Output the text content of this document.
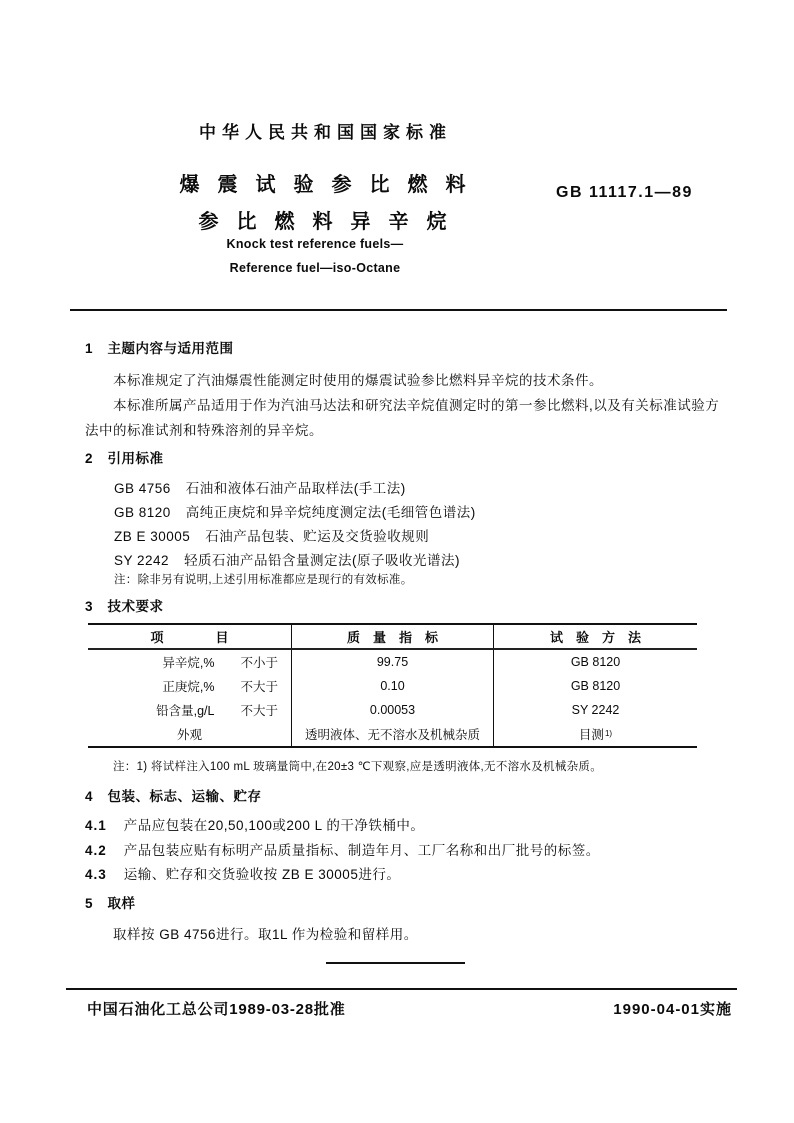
中华人民共和国国家标准
爆震试验参比燃料
参比燃料异辛烷
GB 11117.1—89
Knock test reference fuels—
Reference fuel—iso-Octane
1 主题内容与适用范围
本标准规定了汽油爆震性能测定时使用的爆震试验参比燃料异辛烷的技术条件。
本标准所属产品适用于作为汽油马达法和研究法辛烷值测定时的第一参比燃料,以及有关标准试验方法中的标准试剂和特殊溶剂的异辛烷。
2 引用标准
GB 4756 石油和液体石油产品取样法(手工法)
GB 8120 高纯正庚烷和异辛烷纯度测定法(毛细管色谱法)
ZB E 30005 石油产品包装、贮运及交货验收规则
SY 2242 轻质石油产品铅含量测定法(原子吸收光谱法)
注：除非另有说明,上述引用标准都应是现行的有效标准。
3 技术要求
项目	质量指标	试验方法
异辛烷,% 不小于	99.75	GB 8120
正庚烷,% 不大于	0.10	GB 8120
铅含量,g/L 不大于	0.00053	SY 2242
外观	透明液体、无不溶水及机械杂质	目测 1)
注：1) 将试样注入100 mL 玻璃量筒中,在20±3 ℃下观察,应是透明液体,无不溶水及机械杂质。
4 包装、标志、运输、贮存
4.1 产品应包装在20,50,100或200 L 的干净铁桶中。
4.2 产品包装应贴有标明产品质量指标、制造年月、工厂名称和出厂批号的标签。
4.3 运输、贮存和交货验收按 ZB E 30005进行。
5 取样
取样按 GB 4756进行。取1L 作为检验和留样用。
中国石油化工总公司1989-03-28批准	1990-04-01实施
